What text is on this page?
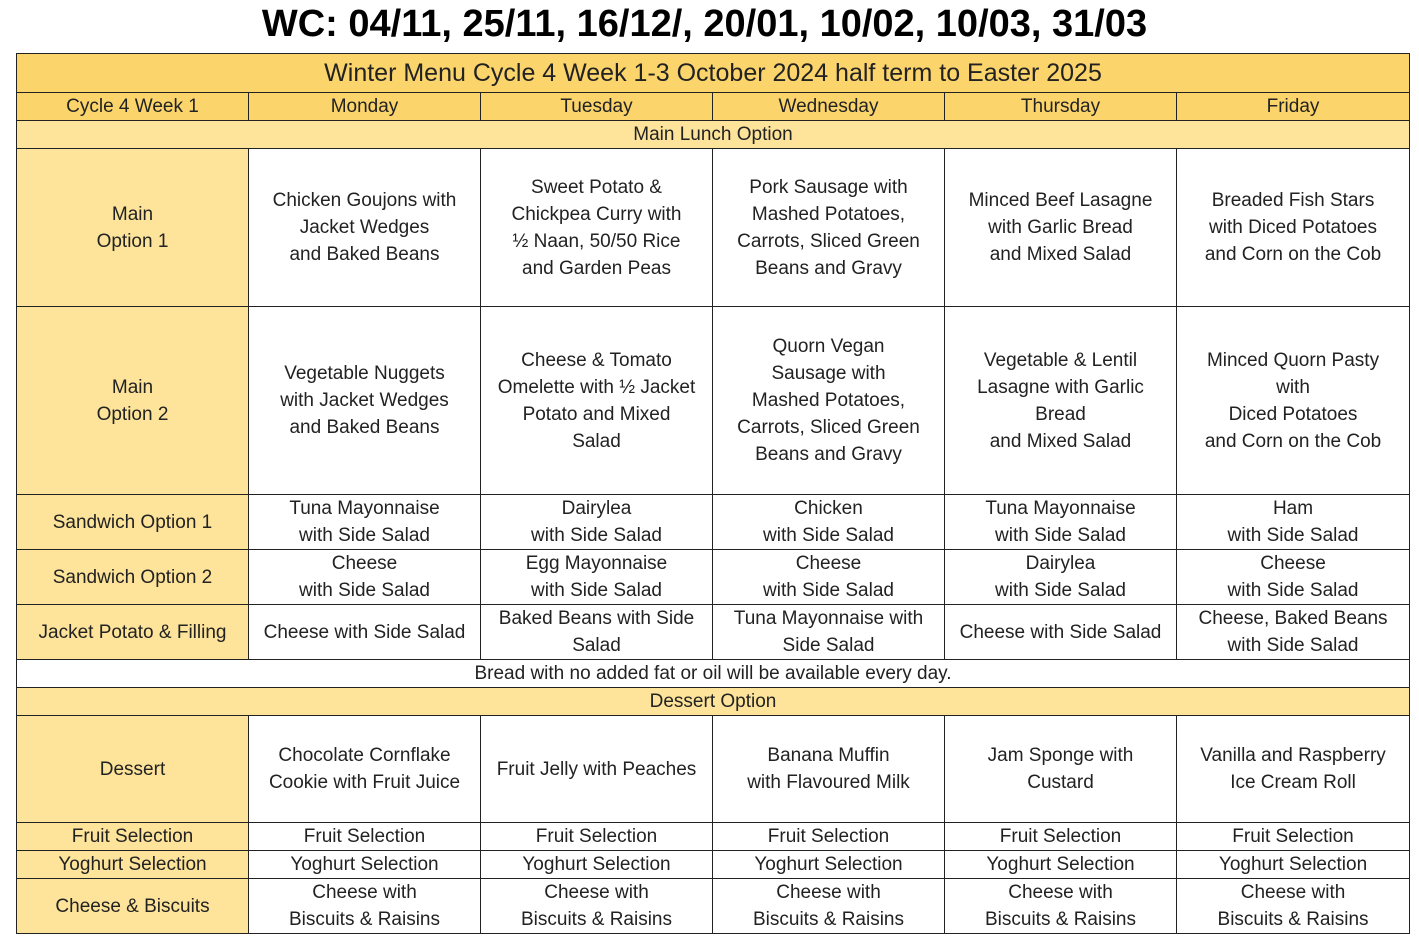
WC: 04/11, 25/11, 16/12/, 20/01, 10/02, 10/03, 31/03
Winter Menu Cycle 4 Week 1-3 October 2024 half term to Easter 2025					
Cycle 4 Week 1	Monday	Tuesday	Wednesday	Thursday	Friday
Main Lunch Option					

Main
Option 1	Chicken Goujons with
Jacket Wedges
and Baked Beans	Sweet Potato &
Chickpea Curry with
½ Naan, 50/50 Rice
and Garden Peas	Pork Sausage with
Mashed Potatoes,
Carrots, Sliced Green
Beans and Gravy	Minced Beef Lasagne
with Garlic Bread
and Mixed Salad	Breaded Fish Stars
with Diced Potatoes
and Corn on the Cob

Main
Option 2	Vegetable Nuggets
with Jacket Wedges
and Baked Beans	Cheese & Tomato
Omelette with ½ Jacket
Potato and Mixed
Salad	Quorn Vegan
Sausage with
Mashed Potatoes,
Carrots, Sliced Green
Beans and Gravy	Vegetable & Lentil
Lasagne with Garlic
Bread
and Mixed Salad	Minced Quorn Pasty
with
Diced Potatoes
and Corn on the Cob

Sandwich Option 1	Tuna Mayonnaise
with Side Salad	Dairylea
with Side Salad	Chicken
with Side Salad	Tuna Mayonnaise
with Side Salad	Ham
with Side Salad

Sandwich Option 2	Cheese
with Side Salad	Egg Mayonnaise
with Side Salad	Cheese
with Side Salad	Dairylea
with Side Salad	Cheese
with Side Salad

Jacket Potato & Filling	Cheese with Side Salad	Baked Beans with Side
Salad	Tuna Mayonnaise with
Side Salad	Cheese with Side Salad	Cheese, Baked Beans
with Side Salad

Bread with no added fat or oil will be available every day.					
Dessert Option					

Dessert	Chocolate Cornflake
Cookie with Fruit Juice	Fruit Jelly with Peaches	Banana Muffin
with Flavoured Milk	Jam Sponge with
Custard	Vanilla and Raspberry
Ice Cream Roll

Fruit Selection	Fruit Selection	Fruit Selection	Fruit Selection	Fruit Selection	Fruit Selection

Yoghurt Selection	Yoghurt Selection	Yoghurt Selection	Yoghurt Selection	Yoghurt Selection	Yoghurt Selection

Cheese & Biscuits	Cheese with
Biscuits & Raisins	Cheese with
Biscuits & Raisins	Cheese with
Biscuits & Raisins	Cheese with
Biscuits & Raisins	Cheese with
Biscuits & Raisins
